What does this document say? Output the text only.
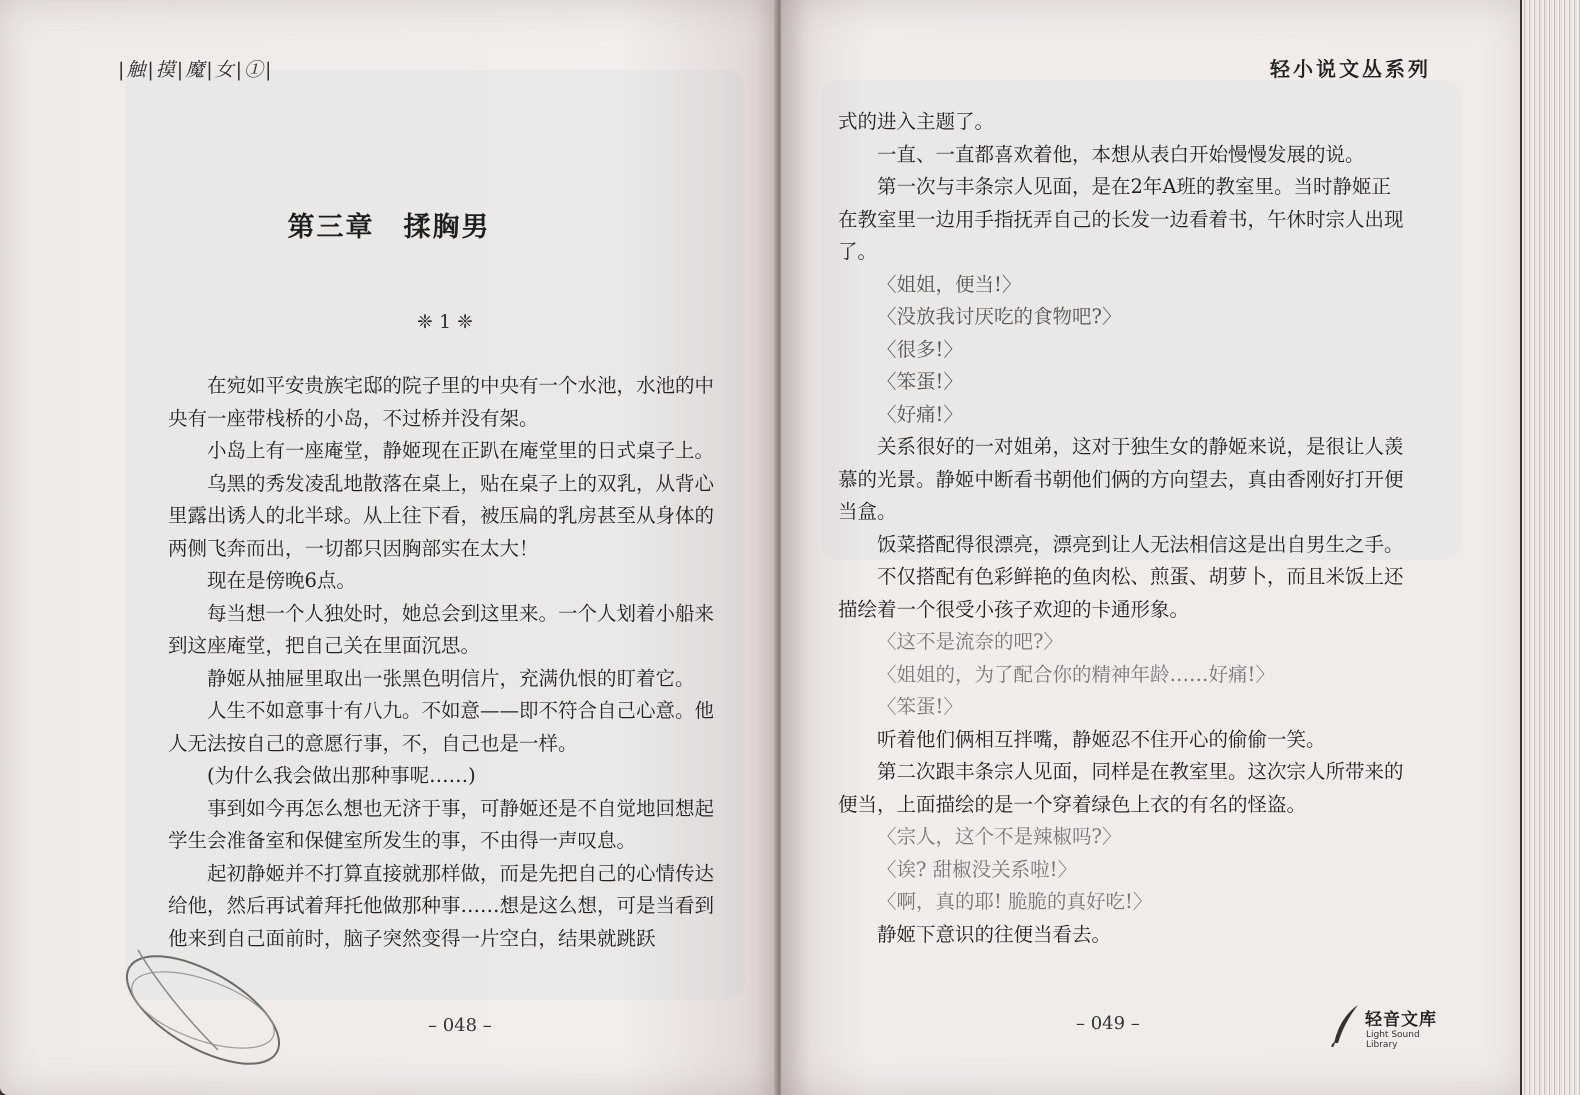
|触|摸|魔|女|①|
第三章　揉胸男
❈ 1 ❈

在宛如平安贵族宅邸的院子里的中央有一个水池，水池的中央有一座带栈桥的小岛，不过桥并没有架。

小岛上有一座庵堂，静姬现在正趴在庵堂里的日式桌子上。

乌黑的秀发凌乱地散落在桌上，贴在桌子上的双乳，从背心里露出诱人的北半球。从上往下看，被压扁的乳房甚至从身体的两侧飞奔而出，一切都只因胸部实在太大！

现在是傍晚6点。

每当想一个人独处时，她总会到这里来。一个人划着小船来到这座庵堂，把自己关在里面沉思。

静姬从抽屉里取出一张黑色明信片，充满仇恨的盯着它。

人生不如意事十有八九。不如意——即不符合自己心意。他人无法按自己的意愿行事，不，自己也是一样。

(为什么我会做出那种事呢……)

事到如今再怎么想也无济于事，可静姬还是不自觉地回想起学生会准备室和保健室所发生的事，不由得一声叹息。

起初静姬并不打算直接就那样做，而是先把自己的心情传达给他，然后再试着拜托他做那种事……想是这么想，可是当看到他来到自己面前时，脑子突然变得一片空白，结果就跳跃

– 048 –
轻小说文丛系列

式的进入主题了。

一直、一直都喜欢着他，本想从表白开始慢慢发展的说。

第一次与丰条宗人见面，是在2年A班的教室里。当时静姬正在教室里一边用手指抚弄自己的长发一边看着书，午休时宗人出现了。

〈姐姐，便当!〉

〈没放我讨厌吃的食物吧?〉

〈很多!〉

〈笨蛋!〉

〈好痛!〉

关系很好的一对姐弟，这对于独生女的静姬来说，是很让人羡慕的光景。静姬中断看书朝他们俩的方向望去，真由香刚好打开便当盒。

饭菜搭配得很漂亮，漂亮到让人无法相信这是出自男生之手。

不仅搭配有色彩鲜艳的鱼肉松、煎蛋、胡萝卜，而且米饭上还描绘着一个很受小孩子欢迎的卡通形象。

〈这不是流奈的吧?〉

〈姐姐的，为了配合你的精神年龄……好痛!〉

〈笨蛋!〉

听着他们俩相互拌嘴，静姬忍不住开心的偷偷一笑。

第二次跟丰条宗人见面，同样是在教室里。这次宗人所带来的便当，上面描绘的是一个穿着绿色上衣的有名的怪盗。

〈宗人，这个不是辣椒吗?〉

〈诶? 甜椒没关系啦!〉

〈啊，真的耶! 脆脆的真好吃!〉

静姬下意识的往便当看去。

– 049 –	轻音文库
Light Sound Library
